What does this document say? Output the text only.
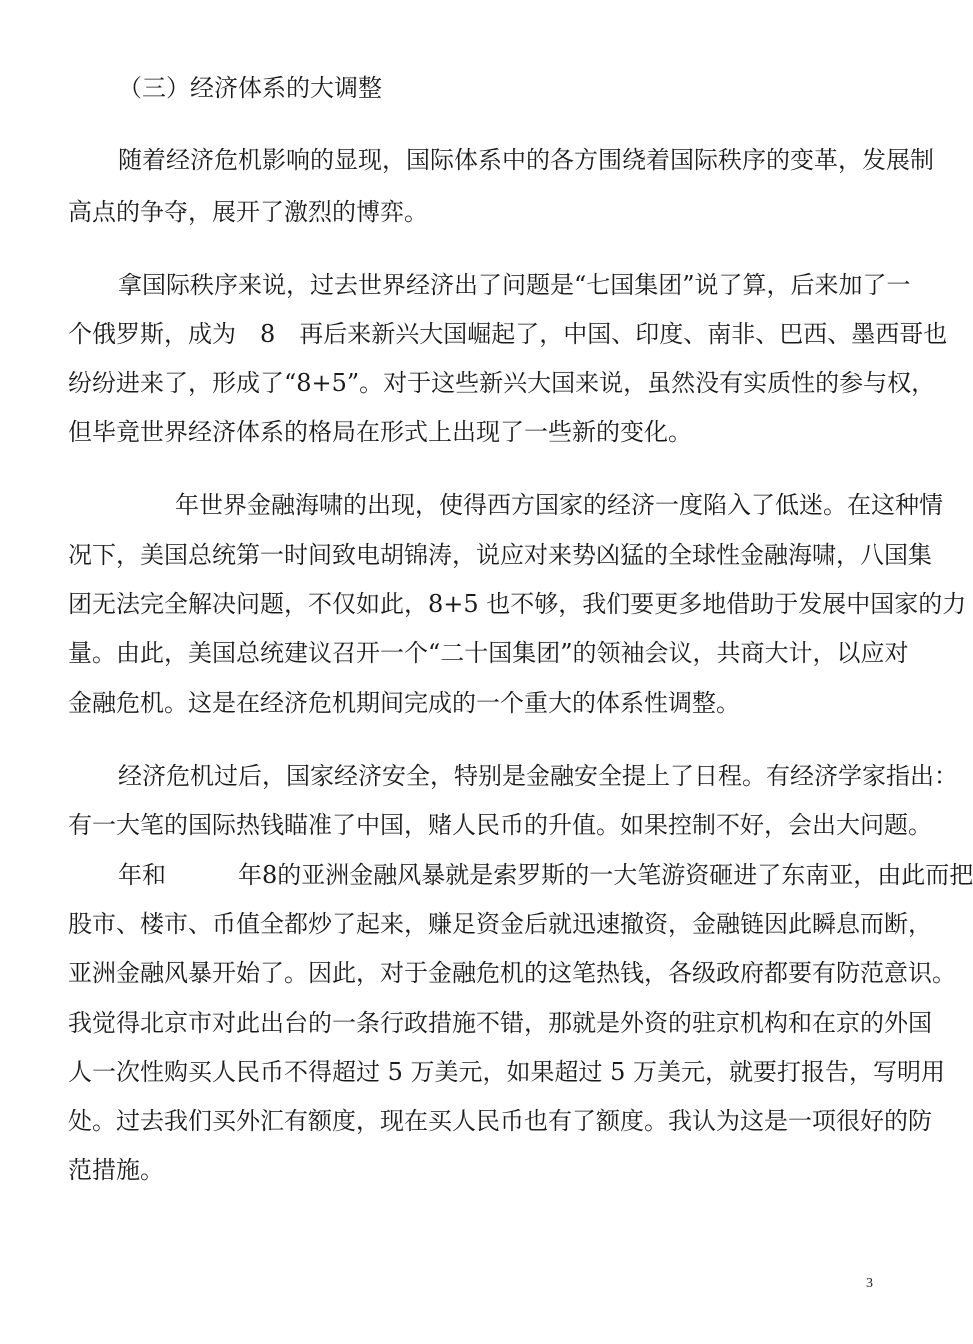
（三）经济体系的大调整
随着经济危机影响的显现，国际体系中的各方围绕着国际秩序的变革，发展制
高点的争夺，展开了激烈的博弈。
拿国际秩序来说，过去世界经济出了问题是“七国集团”说了算，后来加了一
个俄罗斯，成为　8　再后来新兴大国崛起了，中国、印度、南非、巴西、墨西哥也
纷纷进来了，形成了“8+5”。对于这些新兴大国来说，虽然没有实质性的参与权，
但毕竟世界经济体系的格局在形式上出现了一些新的变化。
年世界金融海啸的出现，使得西方国家的经济一度陷入了低迷。在这种情
况下，美国总统第一时间致电胡锦涛，说应对来势凶猛的全球性金融海啸，八国集
团无法完全解决问题，不仅如此，8+5 也不够，我们要更多地借助于发展中国家的力
量。由此，美国总统建议召开一个“二十国集团”的领袖会议，共商大计，以应对
金融危机。这是在经济危机期间完成的一个重大的体系性调整。
经济危机过后，国家经济安全，特别是金融安全提上了日程。有经济学家指出：
有一大笔的国际热钱瞄准了中国，赌人民币的升值。如果控制不好，会出大问题。
年和　　　年8的亚洲金融风暴就是索罗斯的一大笔游资砸进了东南亚，由此而把
股市、楼市、币值全都炒了起来，赚足资金后就迅速撤资，金融链因此瞬息而断，
亚洲金融风暴开始了。因此，对于金融危机的这笔热钱，各级政府都要有防范意识。
我觉得北京市对此出台的一条行政措施不错，那就是外资的驻京机构和在京的外国
人一次性购买人民币不得超过 5 万美元，如果超过 5 万美元，就要打报告，写明用
处。过去我们买外汇有额度，现在买人民币也有了额度。我认为这是一项很好的防
范措施。
3
